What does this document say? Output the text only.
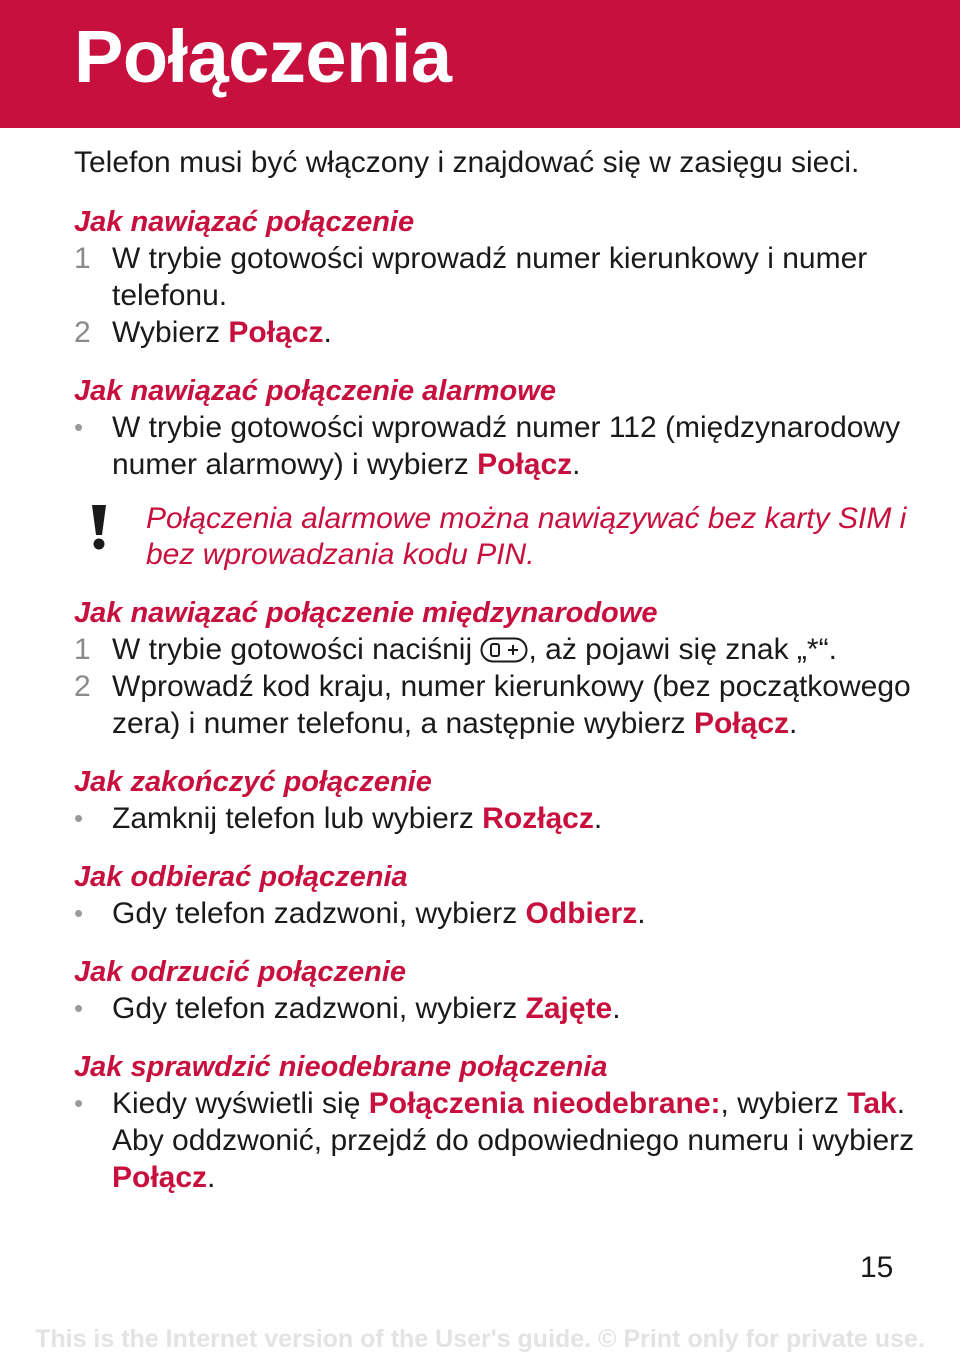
Połączenia

Telefon musi być włączony i znajdować się w zasięgu sieci.

Jak nawiązać połączenie

1 W trybie gotowości wprowadź numer kierunkowy i numer telefonu.
2 Wybierz Połącz.

Jak nawiązać połączenie alarmowe

• W trybie gotowości wprowadź numer 112 (międzynarodowy numer alarmowy) i wybierz Połącz.
Połączenia alarmowe można nawiązywać bez karty SIM i bez wprowadzania kodu PIN.

Jak nawiązać połączenie międzynarodowe

1 W trybie gotowości naciśnij , aż pojawi się znak „*“.
2 Wprowadź kod kraju, numer kierunkowy (bez początkowego zera) i numer telefonu, a następnie wybierz Połącz.

Jak zakończyć połączenie

• Zamknij telefon lub wybierz Rozłącz.

Jak odbierać połączenia

• Gdy telefon zadzwoni, wybierz Odbierz.

Jak odrzucić połączenie

• Gdy telefon zadzwoni, wybierz Zajęte.

Jak sprawdzić nieodebrane połączenia

• Kiedy wyświetli się Połączenia nieodebrane:, wybierz Tak. Aby oddzwonić, przejdź do odpowiedniego numeru i wybierz Połącz.
15
This is the Internet version of the User's guide. © Print only for private use.
